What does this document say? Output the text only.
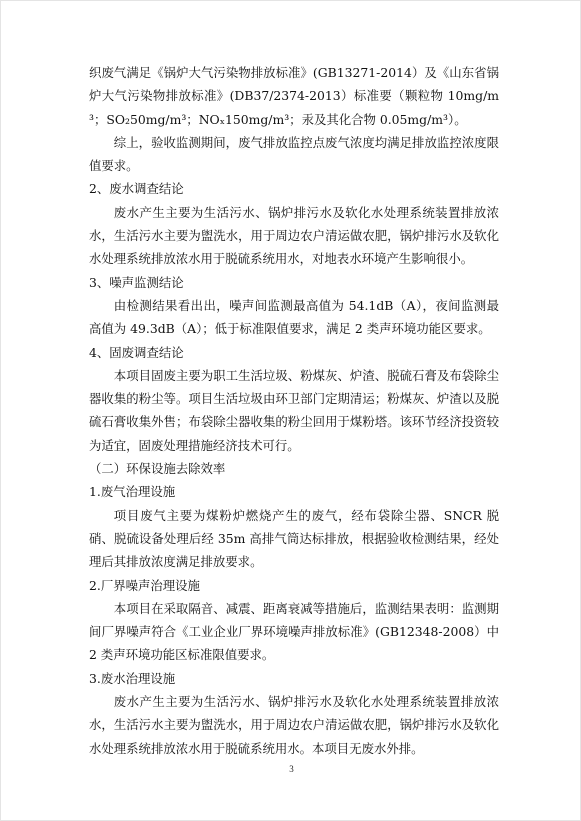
织废气满足《锅炉大气污染物排放标准》(GB13271-2014）及《山东省锅炉大气污染物排放标准》(DB37/2374-2013）标准要（颗粒物 10mg/m³；SO₂50mg/m³；NOₓ150mg/m³；汞及其化合物 0.05mg/m³）。

综上，验收监测期间，废气排放监控点废气浓度均满足排放监控浓度限值要求。

2、废水调查结论

废水产生主要为生活污水、锅炉排污水及软化水处理系统装置排放浓水，生活污水主要为盥洗水，用于周边农户清运做农肥，锅炉排污水及软化水处理系统排放浓水用于脱硫系统用水，对地表水环境产生影响很小。

3、噪声监测结论

由检测结果看出出，噪声间监测最高值为 54.1dB（A），夜间监测最高值为 49.3dB（A）；低于标准限值要求，满足 2 类声环境功能区要求。

4、固废调查结论

本项目固废主要为职工生活垃圾、粉煤灰、炉渣、脱硫石膏及布袋除尘器收集的粉尘等。项目生活垃圾由环卫部门定期清运；粉煤灰、炉渣以及脱硫石膏收集外售；布袋除尘器收集的粉尘回用于煤粉塔。该环节经济投资较为适宜，固废处理措施经济技术可行。

（二）环保设施去除效率

1.废气治理设施

项目废气主要为煤粉炉燃烧产生的废气，经布袋除尘器、SNCR 脱硝、脱硫设备处理后经 35m 高排气筒达标排放，根据验收检测结果，经处理后其排放浓度满足排放要求。

2.厂界噪声治理设施

本项目在采取隔音、减震、距离衰减等措施后，监测结果表明：监测期间厂界噪声符合《工业企业厂界环境噪声排放标准》(GB12348-2008）中 2 类声环境功能区标准限值要求。

3.废水治理设施

废水产生主要为生活污水、锅炉排污水及软化水处理系统装置排放浓水，生活污水主要为盥洗水，用于周边农户清运做农肥，锅炉排污水及软化水处理系统排放浓水用于脱硫系统用水。本项目无废水外排。

3
